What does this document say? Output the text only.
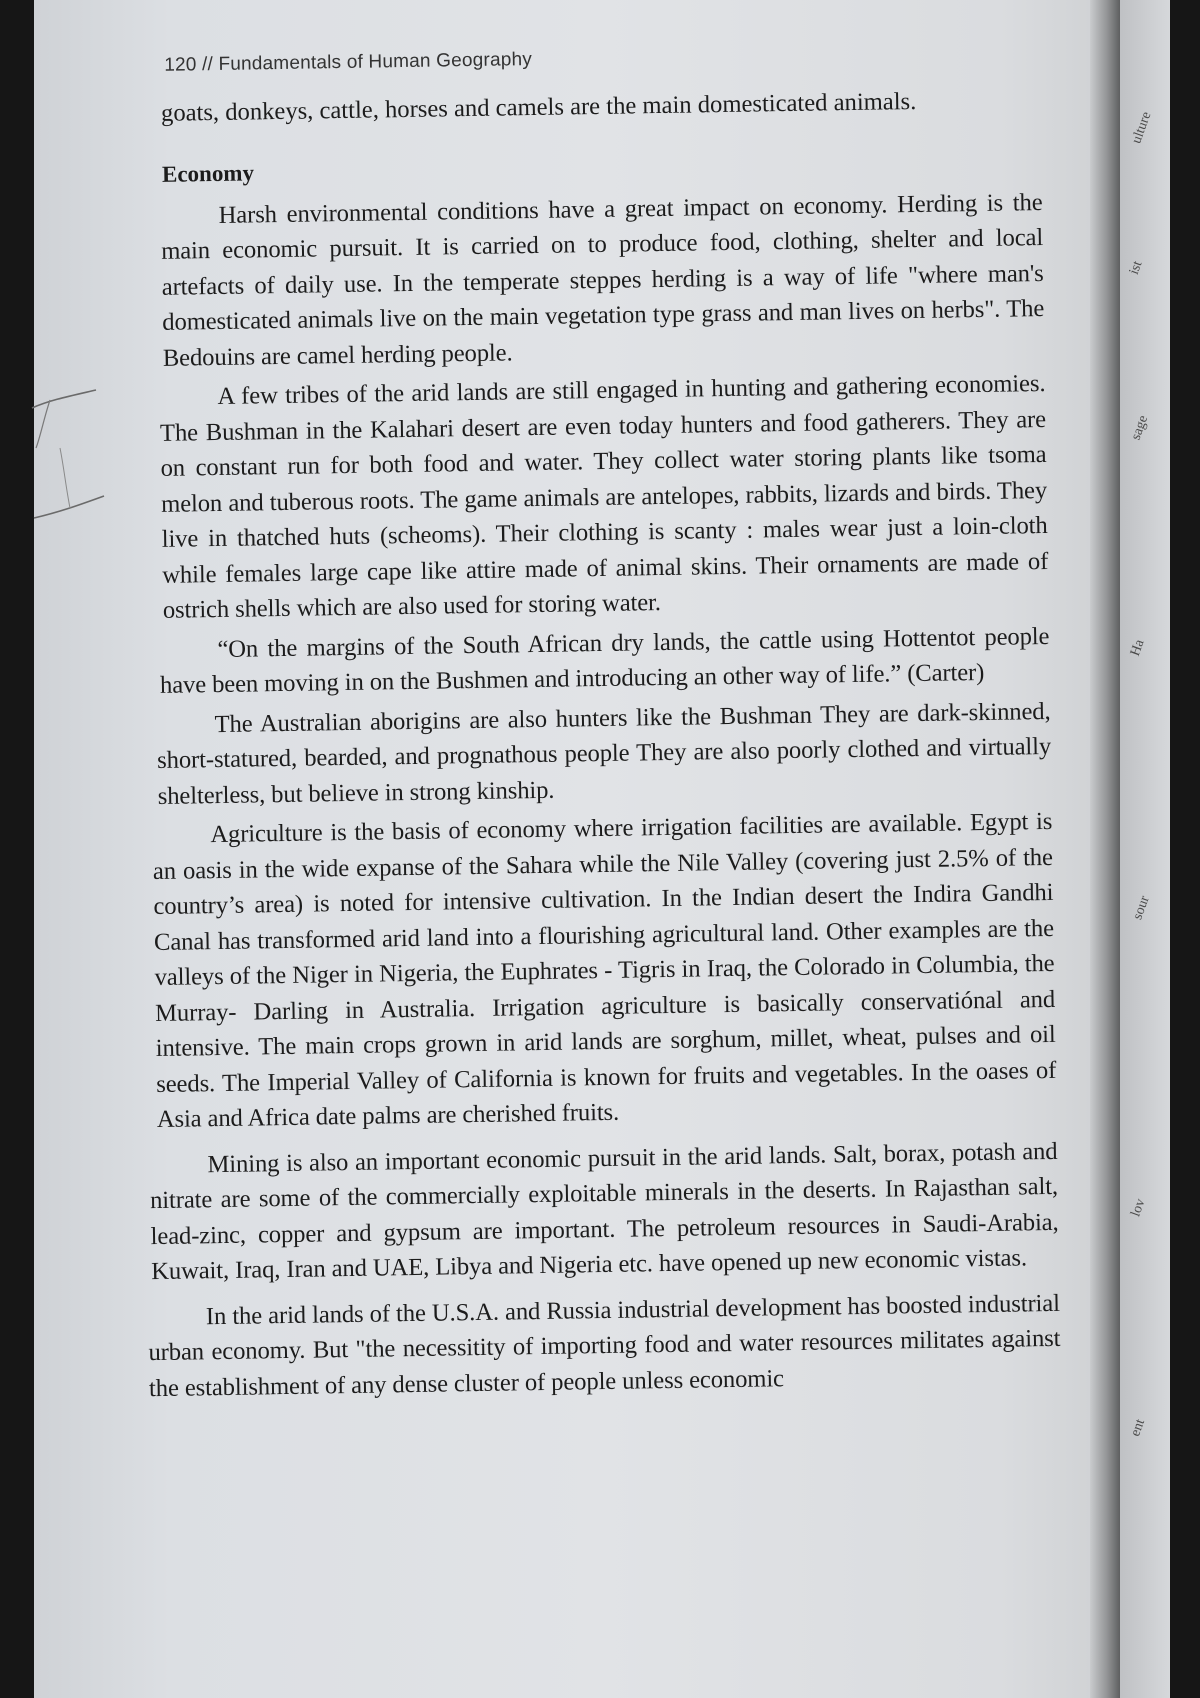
ulture
ist
sage
Ha
sour
lov
ent
120 // Fundamentals of Human Geography

goats, donkeys, cattle, horses and camels are the main domesticated animals.

Economy

Harsh environmental conditions have a great impact on economy. Herding is the main economic pursuit. It is carried on to produce food, clothing, shelter and local artefacts of daily use. In the temperate steppes herding is a way of life "where man's domesticated animals live on the main vegetation type grass and man lives on herbs". The Bedouins are camel herding people.

A few tribes of the arid lands are still engaged in hunting and gathering economies. The Bushman in the Kalahari desert are even today hunters and food gatherers. They are on constant run for both food and water. They collect water storing plants like tsoma melon and tuberous roots. The game animals are antelopes, rabbits, lizards and birds. They live in thatched huts (scheoms). Their clothing is scanty : males wear just a loin-cloth while females large cape like attire made of animal skins. Their ornaments are made of ostrich shells which are also used for storing water.

“On the margins of the South African dry lands, the cattle using Hottentot people have been moving in on the Bushmen and introducing an other way of life.” (Carter)

The Australian aborigins are also hunters like the Bushman They are dark-skinned, short-statured, bearded, and prognathous people They are also poorly clothed and virtually shelterless, but believe in strong kinship.

Agriculture is the basis of economy where irrigation facilities are available. Egypt is an oasis in the wide expanse of the Sahara while the Nile Valley (covering just 2.5% of the country’s area) is noted for intensive cultivation. In the Indian desert the Indira Gandhi Canal has transformed arid land into a flourishing agricultural land. Other examples are the valleys of the Niger in Nigeria, the Euphrates - Tigris in Iraq, the Colorado in Columbia, the Murray- Darling in Australia. Irrigation agriculture is basically conservatiónal and intensive. The main crops grown in arid lands are sorghum, millet, wheat, pulses and oil seeds. The Imperial Valley of California is known for fruits and vegetables. In the oases of Asia and Africa date palms are cherished fruits.

Mining is also an important economic pursuit in the arid lands. Salt, borax, potash and nitrate are some of the commercially exploitable minerals in the deserts. In Rajasthan salt, lead-zinc, copper and gypsum are important. The petroleum resources in Saudi-Arabia, Kuwait, Iraq, Iran and UAE, Libya and Nigeria etc. have opened up new economic vistas.

In the arid lands of the U.S.A. and Russia industrial development has boosted industrial urban economy. But "the necessitity of importing food and water resources militates against the establishment of any dense cluster of people unless economic
